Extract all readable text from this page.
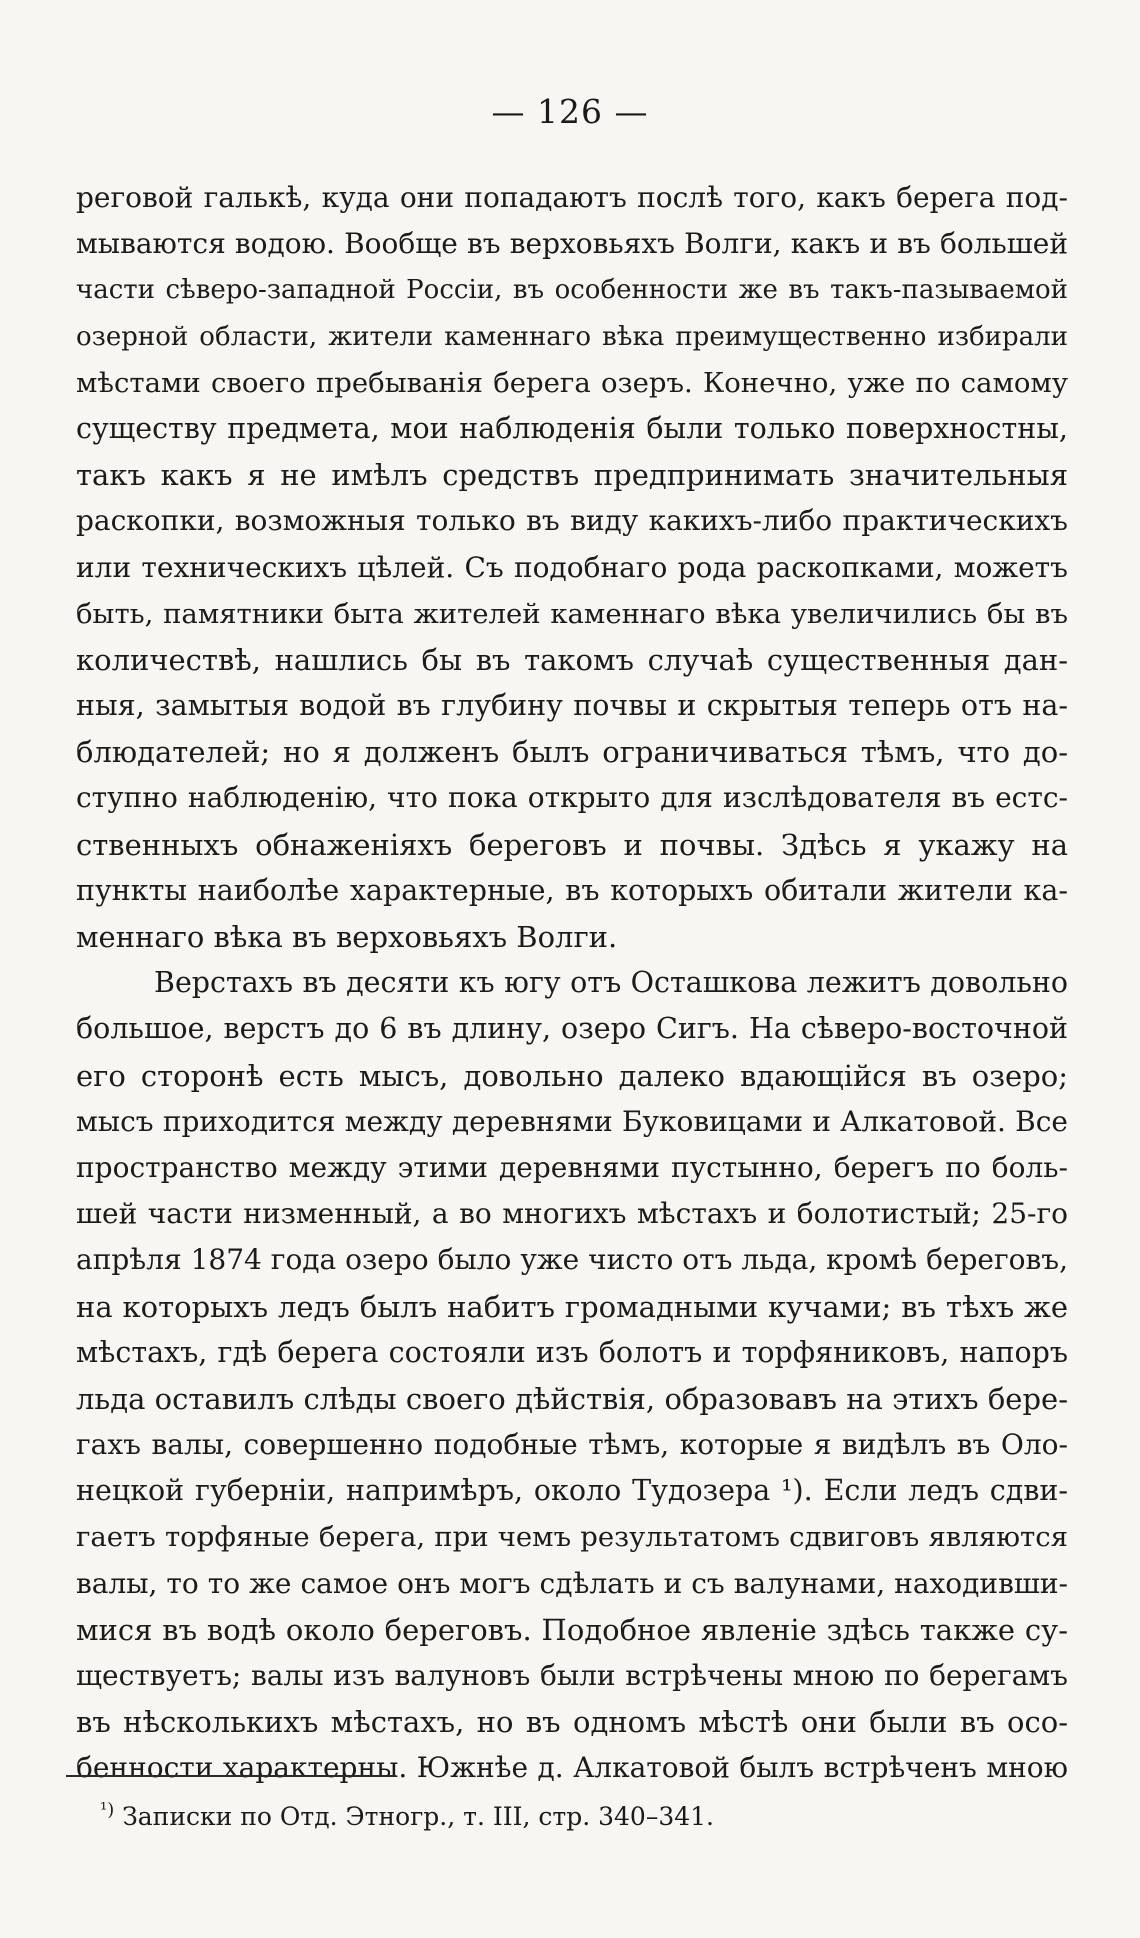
— 126 —
реговой галькѣ, куда они попадаютъ послѣ того, какъ берега под-
мываются водою. Вообще въ верховьяхъ Волги, какъ и въ большей
части сѣверо-западной Россіи, въ особенности же въ такъ-пазываемой
озерной области, жители каменнаго вѣка преимущественно избирали
мѣстами своего пребыванія берега озеръ. Конечно, уже по самому
существу предмета, мои наблюденія были только поверхностны,
такъ какъ я не имѣлъ средствъ предпринимать значительныя
раскопки, возможныя только въ виду какихъ-либо практическихъ
или техническихъ цѣлей. Съ подобнаго рода раскопками, можетъ
быть, памятники быта жителей каменнаго вѣка увеличились бы въ
количествѣ, нашлись бы въ такомъ случаѣ существенныя дан-
ныя, замытыя водой въ глубину почвы и скрытыя теперь отъ на-
блюдателей; но я долженъ былъ ограничиваться тѣмъ, что до-
ступно наблюденію, что пока открыто для изслѣдователя въ естс-
ственныхъ обнаженіяхъ береговъ и почвы. Здѣсь я укажу на
пункты наиболѣе характерные, въ которыхъ обитали жители ка-
меннаго вѣка въ верховьяхъ Волги.
Верстахъ въ десяти къ югу отъ Осташкова лежитъ довольно
большое, верстъ до 6 въ длину, озеро Сигъ. На сѣверо-восточной
его сторонѣ есть мысъ, довольно далеко вдающійся въ озеро;
мысъ приходится между деревнями Буковицами и Алкатовой. Все
пространство между этими деревнями пустынно, берегъ по боль-
шей части низменный, а во многихъ мѣстахъ и болотистый; 25-го
апрѣля 1874 года озеро было уже чисто отъ льда, кромѣ береговъ,
на которыхъ ледъ былъ набитъ громадными кучами; въ тѣхъ же
мѣстахъ, гдѣ берега состояли изъ болотъ и торфяниковъ, напоръ
льда оставилъ слѣды своего дѣйствія, образовавъ на этихъ бере-
гахъ валы, совершенно подобные тѣмъ, которые я видѣлъ въ Оло-
нецкой губерніи, напримѣръ, около Тудозера ¹). Если ледъ сдви-
гаетъ торфяные берега, при чемъ результатомъ сдвиговъ являются
валы, то то же самое онъ могъ сдѣлать и съ валунами, находивши-
мися въ водѣ около береговъ. Подобное явленіе здѣсь также су-
ществуетъ; валы изъ валуновъ были встрѣчены мною по берегамъ
въ нѣсколькихъ мѣстахъ, но въ одномъ мѣстѣ они были въ осо-
бенности характерны. Южнѣе д. Алкатовой былъ встрѣченъ мною
$^{^1)}$ Записки по Отд. Этногр., т. III, стр. 340–341.
